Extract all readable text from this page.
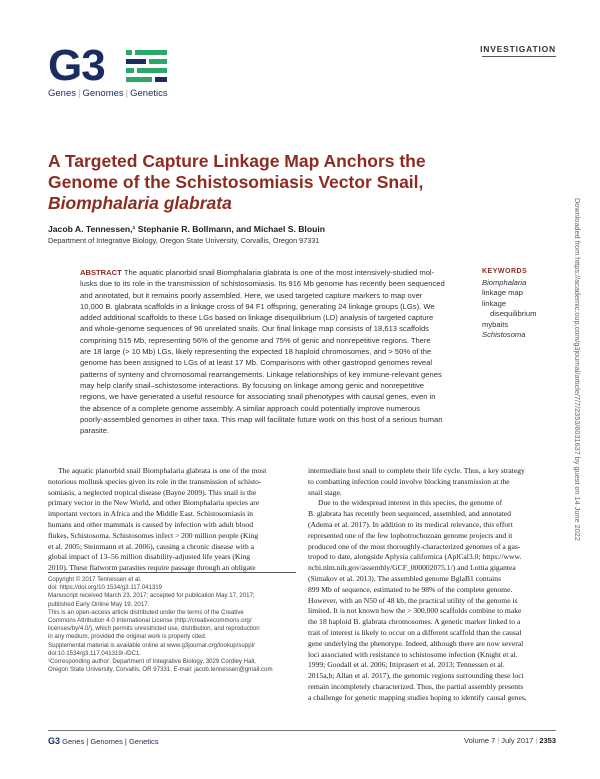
G3
Genes | Genomes | Genetics
INVESTIGATION
A Targeted Capture Linkage Map Anchors the
Genome of the Schistosomiasis Vector Snail,
Biomphalaria glabrata
Jacob A. Tennessen,¹ Stephanie R. Bollmann, and Michael S. Blouin
Department of Integrative Biology, Oregon State University, Corvallis, Oregon 97331
ABSTRACT The aquatic planorbid snail Biomphalaria glabrata is one of the most intensively-studied mol-
lusks due to its role in the transmission of schistosomiasis. Its 916 Mb genome has recently been sequenced
and annotated, but it remains poorly assembled. Here, we used targeted capture markers to map over
10,000 B. glabrata scaffolds in a linkage cross of 94 F1 offspring, generating 24 linkage groups (LGs). We
added additional scaffolds to these LGs based on linkage disequilibrium (LD) analysis of targeted capture
and whole-genome sequences of 96 unrelated snails. Our final linkage map consists of 18,613 scaffolds
comprising 515 Mb, representing 56% of the genome and 75% of genic and nonrepetitive regions. There
are 18 large (> 10 Mb) LGs, likely representing the expected 18 haploid chromosomes, and > 50% of the
genome has been assigned to LGs of at least 17 Mb. Comparisons with other gastropod genomes reveal
patterns of synteny and chromosomal rearrangements. Linkage relationships of key immune-relevant genes
may help clarify snail–schistosome interactions. By focusing on linkage among genic and nonrepetitive
regions, we have generated a useful resource for associating snail phenotypes with causal genes, even in
the absence of a complete genome assembly. A similar approach could potentially improve numerous
poorly-assembled genomes in other taxa. This map will facilitate future work on this host of a serious human
parasite.
KEYWORDS
Biomphalaria
linkage map
linkage
disequilibrium
mybaits
Schistosoma
The aquatic planorbid snail Biomphalaria glabrata is one of the most
notorious mollusk species given its role in the transmission of schisto-
somiasis, a neglected tropical disease (Bayne 2009). This snail is the
primary vector in the New World, and other Biomphalaria species are
important vectors in Africa and the Middle East. Schistosomiasis in
humans and other mammals is caused by infection with adult blood
flukes, Schistosoma. Schistosomes infect > 200 million people (King
et al. 2005; Steinmann et al. 2006), causing a chronic disease with a
global impact of 13–56 million disability-adjusted life years (King
2010). These flatworm parasites require passage through an obligate
Copyright © 2017 Tennessen et al.
doi: https://doi.org/10.1534/g3.117.041319
Manuscript received March 23, 2017; accepted for publication May 17, 2017;
published Early Online May 19, 2017.
This is an open-access article distributed under the terms of the Creative
Commons Attribution 4.0 International License (http://creativecommons.org/
licenses/by/4.0/), which permits unrestricted use, distribution, and reproduction
in any medium, provided the original work is properly cited.
Supplemental material is available online at www.g3journal.org/lookup/suppl/
doi:10.1534/g3.117.041319/-/DC1.
¹Corresponding author: Department of Integrative Biology, 3029 Cordley Hall,
Oregon State University, Corvallis, OR 97331. E-mail: jacob.tennessen@gmail.com
intermediate host snail to complete their life cycle. Thus, a key strategy
to combatting infection could involve blocking transmission at the
snail stage.
Due to the widespread interest in this species, the genome of
B. glabrata has recently been sequenced, assembled, and annotated
(Adema et al. 2017). In addition to its medical relevance, this effort
represented one of the few lophotrochozoan genome projects and it
produced one of the most thoroughly-characterized genomes of a gas-
tropod to date, alongside Aplysia californica (AplCal3.0; https://www.
ncbi.nlm.nih.gov/assembly/GCF_000002075.1/) and Lottia gigantea
(Simakov et al. 2013). The assembled genome BglaB1 contains
899 Mb of sequence, estimated to be 98% of the complete genome.
However, with an N50 of 48 kb, the practical utility of the genome is
limited. It is not known how the > 300,000 scaffolds combine to make
the 18 haploid B. glabrata chromosomes. A genetic marker linked to a
trait of interest is likely to occur on a different scaffold than the causal
gene underlying the phenotype. Indeed, although there are now several
loci associated with resistance to schistosome infection (Knight et al.
1999; Goodall et al. 2006; Ittiprasert et al. 2013; Tennessen et al.
2015a,b; Allan et al. 2017), the genomic regions surrounding these loci
remain incompletely characterized. Thus, the partial assembly presents
a challenge for genetic mapping studies hoping to identify causal genes,
G3 Genes | Genomes | Genetics	Volume 7 | July 2017 | 2353
Downloaded from https://academic.oup.com/g3journal/article/7/7/2353/6031637 by guest on 14 June 2022
